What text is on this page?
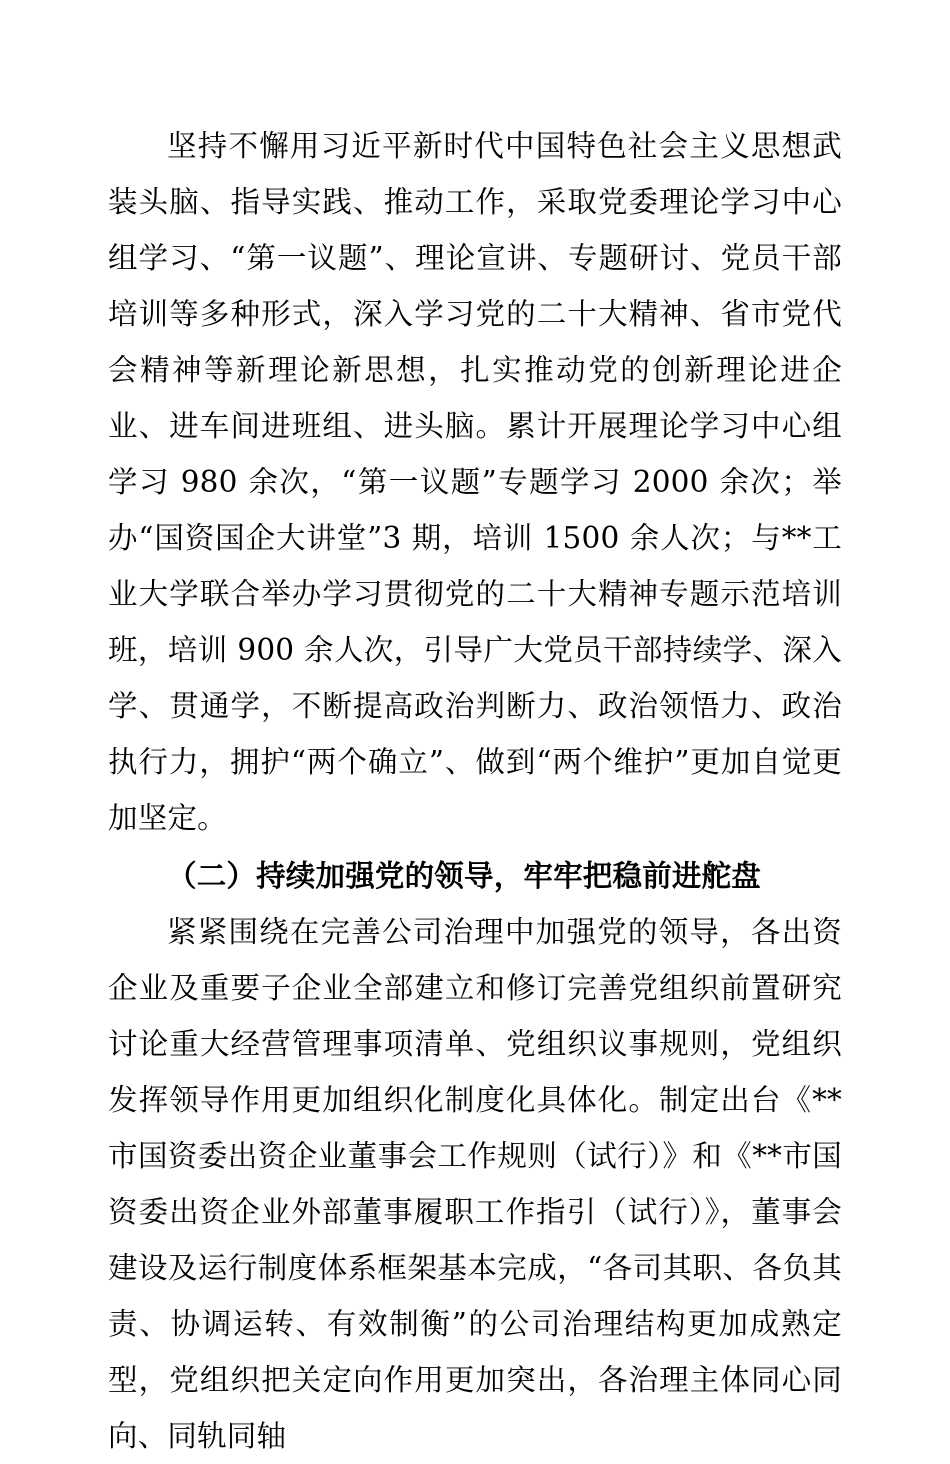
坚持不懈用习近平新时代中国特色社会主义思想武装头脑、指导实践、推动工作，采取党委理论学习中心组学习、“第一议题”、理论宣讲、专题研讨、党员干部培训等多种形式，深入学习党的二十大精神、省市党代会精神等新理论新思想，扎实推动党的创新理论进企业、进车间进班组、进头脑。累计开展理论学习中心组学习 980 余次，“第一议题”专题学习 2000 余次；举办“国资国企大讲堂”3 期，培训 1500 余人次；与**工业大学联合举办学习贯彻党的二十大精神专题示范培训班，培训 900 余人次，引导广大党员干部持续学、深入学、贯通学，不断提高政治判断力、政治领悟力、政治执行力，拥护“两个确立”、做到“两个维护”更加自觉更加坚定。

（二）持续加强党的领导，牢牢把稳前进舵盘

紧紧围绕在完善公司治理中加强党的领导，各出资企业及重要子企业全部建立和修订完善党组织前置研究讨论重大经营管理事项清单、党组织议事规则，党组织发挥领导作用更加组织化制度化具体化。制定出台《**市国资委出资企业董事会工作规则（试行）》和《**市国资委出资企业外部董事履职工作指引（试行）》，董事会建设及运行制度体系框架基本完成，“各司其职、各负其责、协调运转、有效制衡”的公司治理结构更加成熟定型，党组织把关定向作用更加突出，各治理主体同心同向、同轨同轴
